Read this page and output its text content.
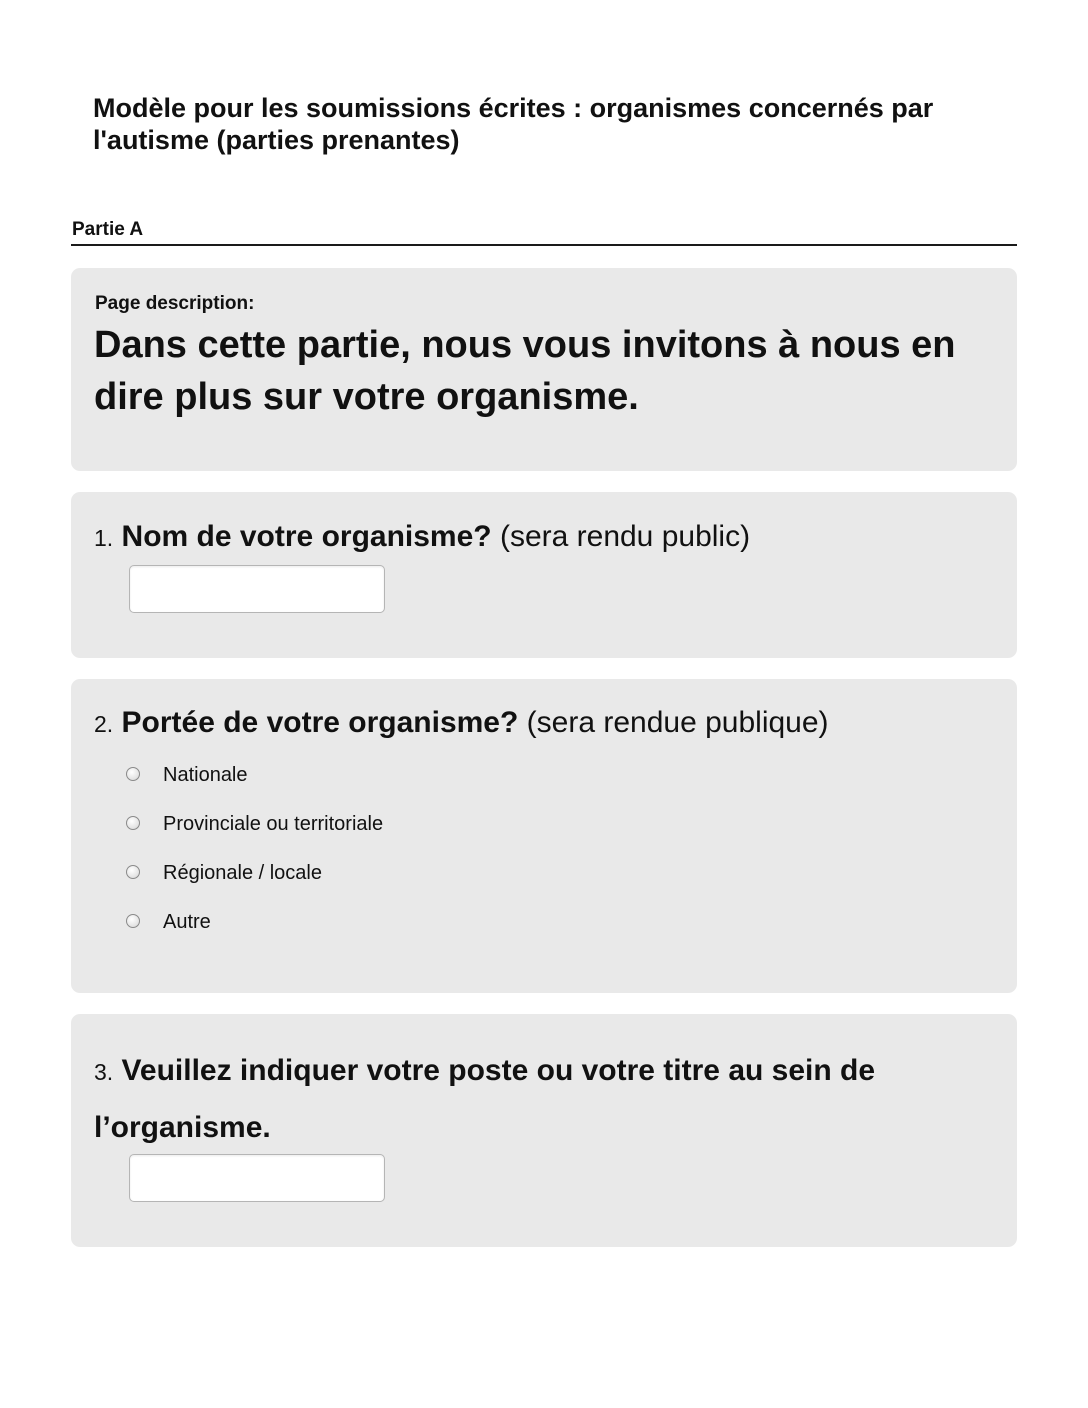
Modèle pour les soumissions écrites : organismes concernés par l'autisme (parties prenantes)
Partie A
Page description:

Dans cette partie, nous vous invitons à nous en dire plus sur votre organisme.

1. Nom de votre organisme? (sera rendu public)

2. Portée de votre organisme? (sera rendue publique)

Nationale
Provinciale ou territoriale
Régionale / locale
Autre

3. Veuillez indiquer votre poste ou votre titre au sein de l’organisme.
